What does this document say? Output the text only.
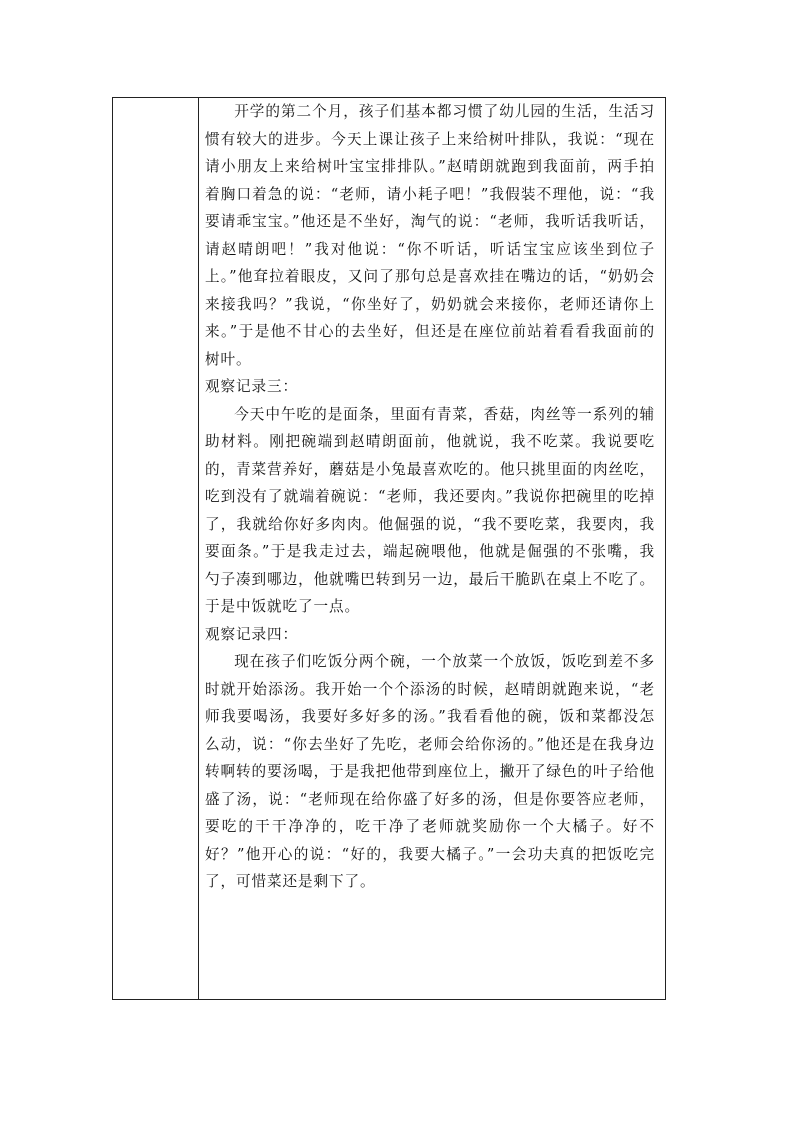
开学的第二个月，孩子们基本都习惯了幼儿园的生活，生活习惯有较大的进步。今天上课让孩子上来给树叶排队，我说：“现在请小朋友上来给树叶宝宝排排队。”赵晴朗就跑到我面前，两手拍着胸口着急的说：“老师，请小耗子吧！”我假装不理他，说：“我要请乖宝宝。”他还是不坐好，淘气的说：“老师，我听话我听话，请赵晴朗吧！”我对他说：“你不听话，听话宝宝应该坐到位子上。”他耷拉着眼皮，又问了那句总是喜欢挂在嘴边的话，“奶奶会来接我吗？”我说，“你坐好了，奶奶就会来接你，老师还请你上来。”于是他不甘心的去坐好，但还是在座位前站着看看我面前的树叶。

观察记录三：

今天中午吃的是面条，里面有青菜，香菇，肉丝等一系列的辅助材料。刚把碗端到赵晴朗面前，他就说，我不吃菜。我说要吃的，青菜营养好，蘑菇是小兔最喜欢吃的。他只挑里面的肉丝吃，吃到没有了就端着碗说：“老师，我还要肉。”我说你把碗里的吃掉了，我就给你好多肉肉。他倔强的说，“我不要吃菜，我要肉，我要面条。”于是我走过去，端起碗喂他，他就是倔强的不张嘴，我勺子凑到哪边，他就嘴巴转到另一边，最后干脆趴在桌上不吃了。于是中饭就吃了一点。

观察记录四：

现在孩子们吃饭分两个碗，一个放菜一个放饭，饭吃到差不多时就开始添汤。我开始一个个添汤的时候，赵晴朗就跑来说，“老师我要喝汤，我要好多好多的汤。”我看看他的碗，饭和菜都没怎么动，说：“你去坐好了先吃，老师会给你汤的。”他还是在我身边转啊转的要汤喝，于是我把他带到座位上，撇开了绿色的叶子给他盛了汤，说：“老师现在给你盛了好多的汤，但是你要答应老师，要吃的干干净净的，吃干净了老师就奖励你一个大橘子。好不好？”他开心的说：“好的，我要大橘子。”一会功夫真的把饭吃完了，可惜菜还是剩下了。
